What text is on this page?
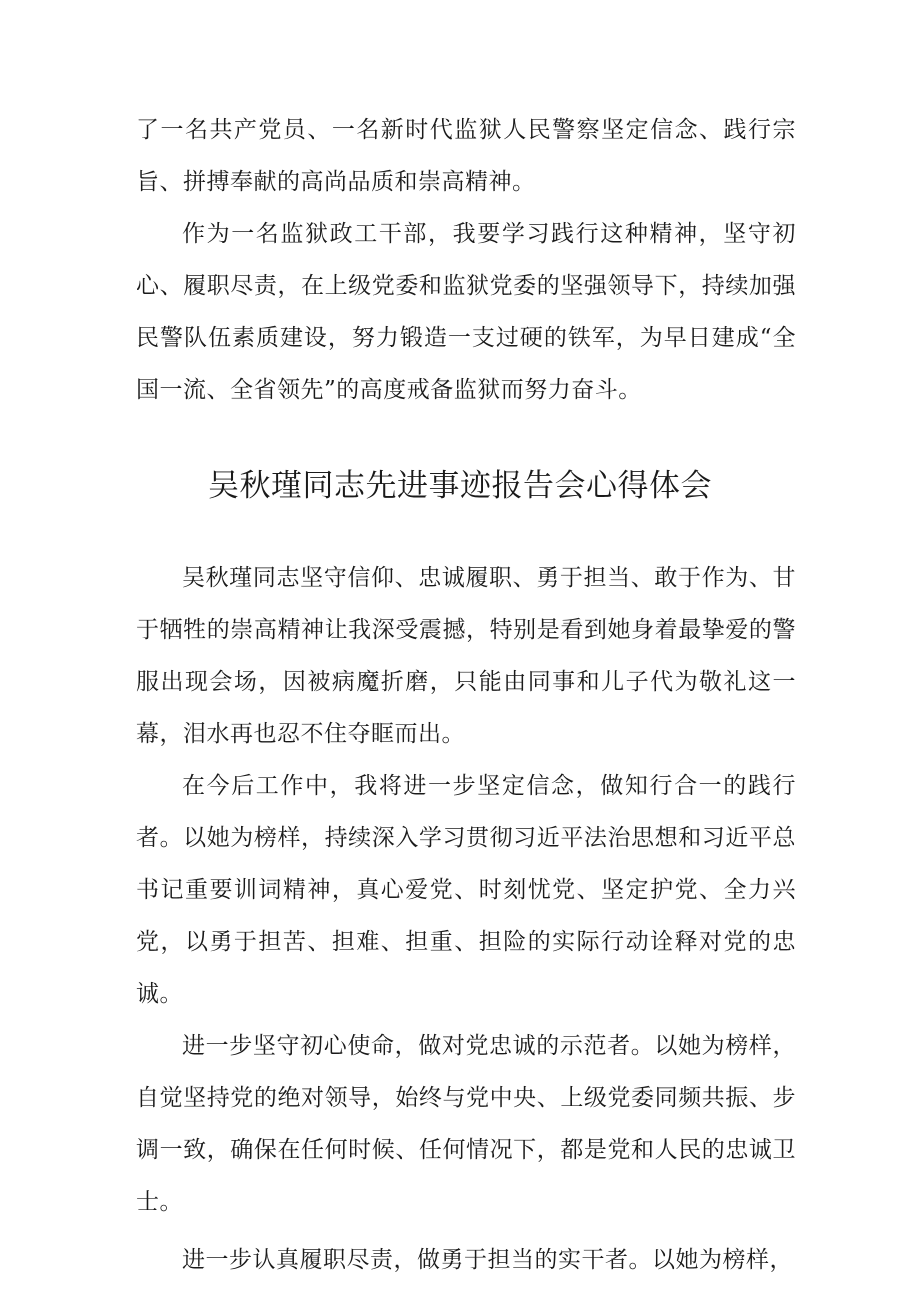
了一名共产党员、一名新时代监狱人民警察坚定信念、践行宗旨、拼搏奉献的高尚品质和崇高精神。

作为一名监狱政工干部，我要学习践行这种精神，坚守初心、履职尽责，在上级党委和监狱党委的坚强领导下，持续加强民警队伍素质建设，努力锻造一支过硬的铁军，为早日建成“全国一流、全省领先”的高度戒备监狱而努力奋斗。

吴秋瑾同志先进事迹报告会心得体会

吴秋瑾同志坚守信仰、忠诚履职、勇于担当、敢于作为、甘于牺牲的崇高精神让我深受震撼，特别是看到她身着最挚爱的警服出现会场，因被病魔折磨，只能由同事和儿子代为敬礼这一幕，泪水再也忍不住夺眶而出。

在今后工作中，我将进一步坚定信念，做知行合一的践行者。以她为榜样，持续深入学习贯彻习近平法治思想和习近平总书记重要训词精神，真心爱党、时刻忧党、坚定护党、全力兴党，以勇于担苦、担难、担重、担险的实际行动诠释对党的忠诚。

进一步坚守初心使命，做对党忠诚的示范者。以她为榜样，自觉坚持党的绝对领导，始终与党中央、上级党委同频共振、步调一致，确保在任何时候、任何情况下，都是党和人民的忠诚卫士。

进一步认真履职尽责，做勇于担当的实干者。以她为榜样，
